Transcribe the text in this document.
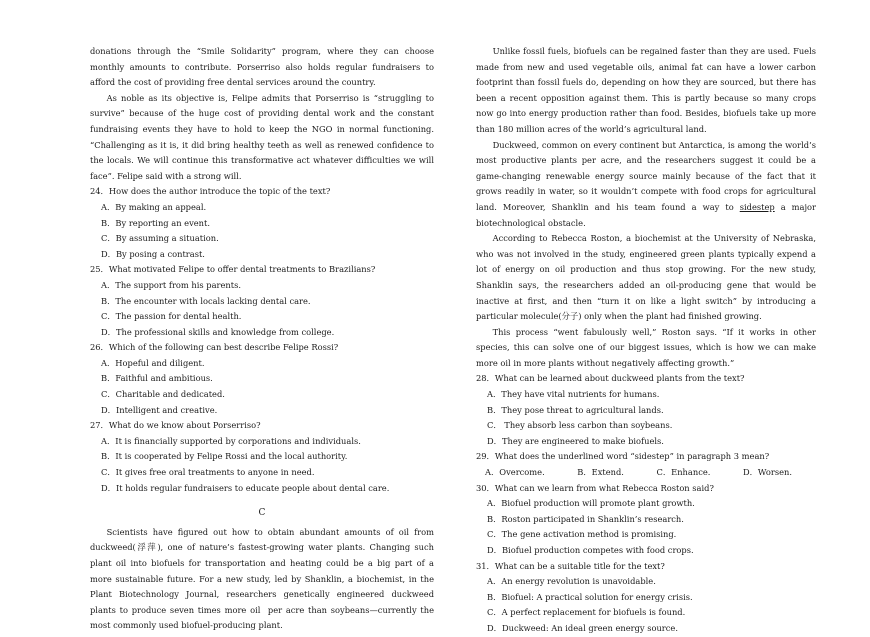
donations through the “Smile Solidarity” program, where they can choose monthly amounts to contribute. Porserriso also holds regular fundraisers to afford the cost of providing free dental services around the country.

As noble as its objective is, Felipe admits that Porserriso is “struggling to survive” because of the huge cost of providing dental work and the constant fundraising events they have to hold to keep the NGO in normal functioning. “Challenging as it is, it did bring healthy teeth as well as renewed confidence to the locals. We will continue this transformative act whatever difficulties we will face”. Felipe said with a strong will.

24．How does the author introduce the topic of the text?
A．By making an appeal.
B．By reporting an event.
C．By assuming a situation.
D．By posing a contrast.
25．What motivated Felipe to offer dental treatments to Brazilians?
A．The support from his parents.
B．The encounter with locals lacking dental care.
C．The passion for dental health.
D．The professional skills and knowledge from college.
26．Which of the following can best describe Felipe Rossi?
A．Hopeful and diligent.
B．Faithful and ambitious.
C．Charitable and dedicated.
D．Intelligent and creative.
27．What do we know about Porserriso?
A．It is financially supported by corporations and individuals.
B．It is cooperated by Felipe Rossi and the local authority.
C．It gives free oral treatments to anyone in need.
D．It holds regular fundraisers to educate people about dental care.
C

Scientists have figured out how to obtain abundant amounts of oil from duckweed(浮萍), one of nature’s fastest-growing water plants. Changing such plant oil into biofuels for transportation and heating could be a big part of a more sustainable future. For a new study, led by Shanklin, a biochemist, in the Plant Biotechnology Journal, researchers genetically engineered duckweed plants to produce seven times more oil  per acre than soybeans—currently the most commonly used biofuel-producing plant.

Unlike fossil fuels, biofuels can be regained faster than they are used. Fuels made from new and used vegetable oils, animal fat can have a lower carbon footprint than fossil fuels do, depending on how they are sourced, but there has been a recent opposition against them. This is partly because so many crops now go into energy production rather than food. Besides, biofuels take up more than 180 million acres of the world’s agricultural land.

Duckweed, common on every continent but Antarctica, is among the world’s most productive plants per acre, and the researchers suggest it could be a game-changing renewable energy source mainly because of the fact that it grows readily in water, so it wouldn’t compete with food crops for agricultural land. Moreover, Shanklin and his team found a way to sidestep a major biotechnological obstacle.

According to Rebecca Roston, a biochemist at the University of Nebraska, who was not involved in the study, engineered green plants typically expend a lot of energy on oil production and thus stop growing. For the new study, Shanklin says, the researchers added an oil-producing gene that would be inactive at first, and then “turn it on like a light switch” by introducing a particular molecule(分子) only when the plant had finished growing.

This process “went fabulously well,” Roston says. “If it works in other species, this can solve one of our biggest issues, which is how we can make more oil in more plants without negatively affecting growth.”

28．What can be learned about duckweed plants from the text?
A．They have vital nutrients for humans.
B．They pose threat to agricultural lands.
C． They absorb less carbon than soybeans.
D．They are engineered to make biofuels.
29．What does the underlined word “sidestep” in paragraph 3 mean?
A．Overcome.	B．Extend.	C．Enhance.	D．Worsen.
30．What can we learn from what Rebecca Roston said?
A．Biofuel production will promote plant growth.
B．Roston participated in Shanklin’s research.
C．The gene activation method is promising.
D．Biofuel production competes with food crops.
31．What can be a suitable title for the text?
A．An energy revolution is unavoidable.
B．Biofuel: A practical solution for energy crisis.
C．A perfect replacement for biofuels is found.
D．Duckweed: An ideal green energy source.
